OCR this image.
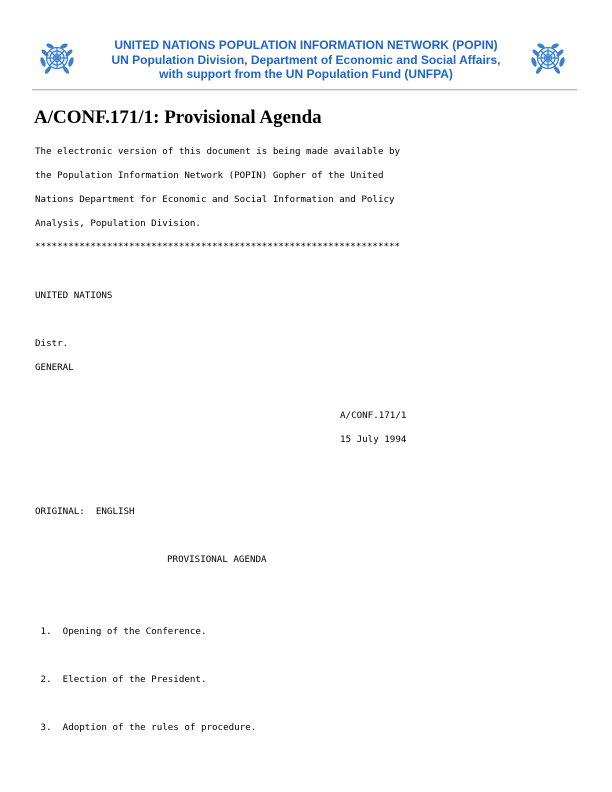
UNITED NATIONS POPULATION INFORMATION NETWORK (POPIN)
UN Population Division, Department of Economic and Social Affairs,
with support from the UN Population Fund (UNFPA)
A/CONF.171/1: Provisional Agenda
The electronic version of this document is being made available by
the Population Information Network (POPIN) Gopher of the United
Nations Department for Economic and Social Information and Policy
Analysis, Population Division.
******************************************************************
UNITED NATIONS
Distr.
GENERAL
A/CONF.171/1
15 July 1994
ORIGINAL:  ENGLISH
PROVISIONAL AGENDA
1.  Opening of the Conference.
2.  Election of the President.
3.  Adoption of the rules of procedure.
